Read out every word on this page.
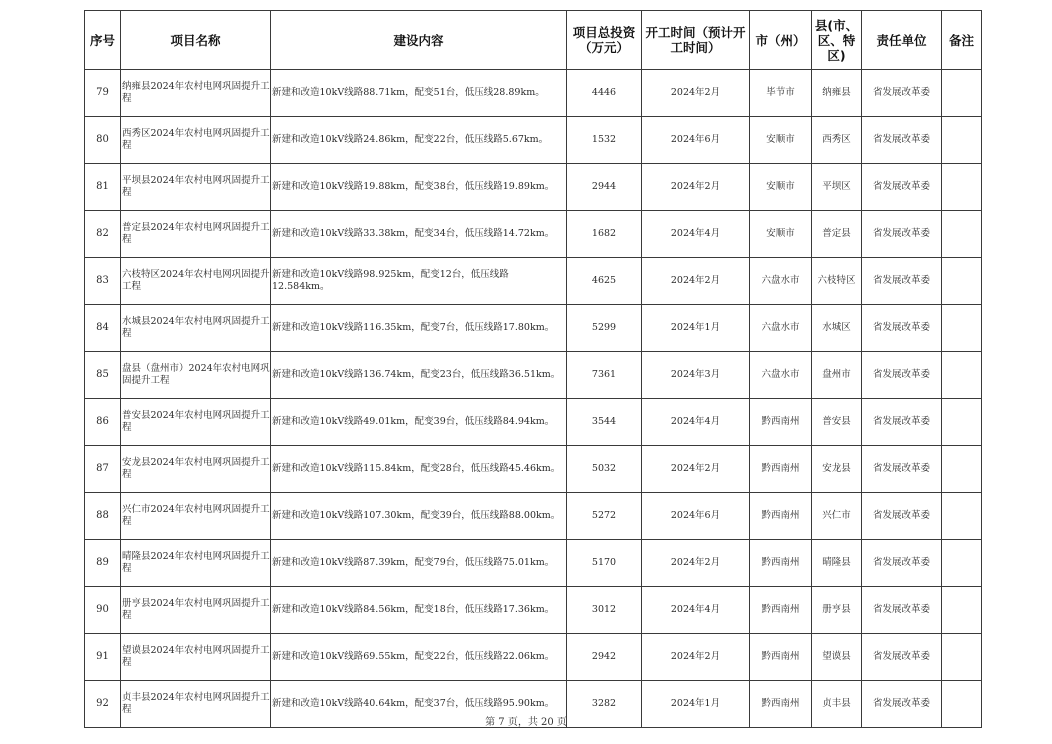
序号	项目名称	建设内容	项目总投资（万元）	开工时间（预计开工时间）	市（州）	县(市、区、特区)	责任单位	备注
79	纳雍县2024年农村电网巩固提升工程	新建和改造10kV线路88.71km，配变51台，低压线28.89km。	4446	2024年2月	毕节市	纳雍县	省发展改革委	
80	西秀区2024年农村电网巩固提升工程	新建和改造10kV线路24.86km，配变22台，低压线路5.67km。	1532	2024年6月	安顺市	西秀区	省发展改革委	
81	平坝县2024年农村电网巩固提升工程	新建和改造10kV线路19.88km，配变38台，低压线路19.89km。	2944	2024年2月	安顺市	平坝区	省发展改革委	
82	普定县2024年农村电网巩固提升工程	新建和改造10kV线路33.38km，配变34台，低压线路14.72km。	1682	2024年4月	安顺市	普定县	省发展改革委	
83	六枝特区2024年农村电网巩固提升工程	新建和改造10kV线路98.925km，配变12台，低压线路12.584km。	4625	2024年2月	六盘水市	六枝特区	省发展改革委	
84	水城县2024年农村电网巩固提升工程	新建和改造10kV线路116.35km，配变7台，低压线路17.80km。	5299	2024年1月	六盘水市	水城区	省发展改革委	
85	盘县（盘州市）2024年农村电网巩固提升工程	新建和改造10kV线路136.74km，配变23台，低压线路36.51km。	7361	2024年3月	六盘水市	盘州市	省发展改革委	
86	普安县2024年农村电网巩固提升工程	新建和改造10kV线路49.01km，配变39台，低压线路84.94km。	3544	2024年4月	黔西南州	普安县	省发展改革委	
87	安龙县2024年农村电网巩固提升工程	新建和改造10kV线路115.84km，配变28台，低压线路45.46km。	5032	2024年2月	黔西南州	安龙县	省发展改革委	
88	兴仁市2024年农村电网巩固提升工程	新建和改造10kV线路107.30km，配变39台，低压线路88.00km。	5272	2024年6月	黔西南州	兴仁市	省发展改革委	
89	晴隆县2024年农村电网巩固提升工程	新建和改造10kV线路87.39km，配变79台，低压线路75.01km。	5170	2024年2月	黔西南州	晴隆县	省发展改革委	
90	册亨县2024年农村电网巩固提升工程	新建和改造10kV线路84.56km，配变18台，低压线路17.36km。	3012	2024年4月	黔西南州	册亨县	省发展改革委	
91	望谟县2024年农村电网巩固提升工程	新建和改造10kV线路69.55km，配变22台，低压线路22.06km。	2942	2024年2月	黔西南州	望谟县	省发展改革委	
92	贞丰县2024年农村电网巩固提升工程	新建和改造10kV线路40.64km，配变37台，低压线路95.90km。	3282	2024年1月	黔西南州	贞丰县	省发展改革委	
第 7 页，共 20 页
